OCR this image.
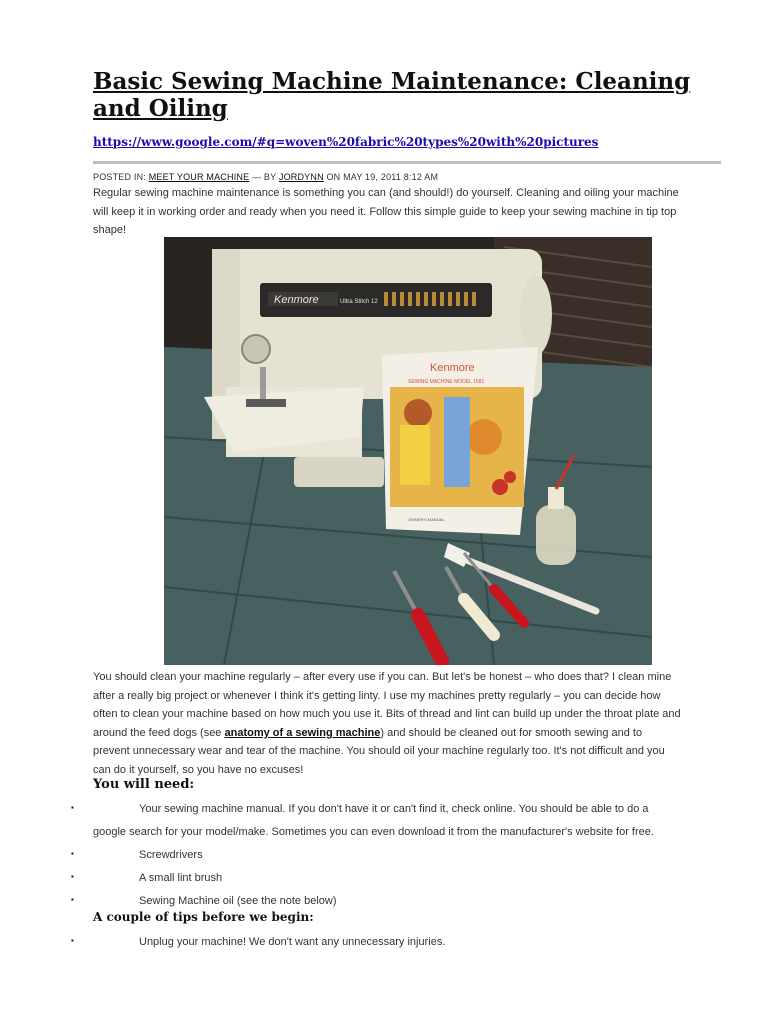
Basic Sewing Machine Maintenance: Cleaning and Oiling
https://www.google.com/#q=woven%20fabric%20types%20with%20pictures
POSTED IN: MEET YOUR MACHINE — BY JORDYNN ON MAY 19, 2011 8:12 AM

Regular sewing machine maintenance is something you can (and should!) do yourself. Cleaning and oiling your machine
will keep it in working order and ready when you need it. Follow this simple guide to keep your sewing machine in tip top
shape!

Kenmore	Ultra Stitch 12
Kenmore
SEWING MACHINE MODEL 1581
OWNER'S MANUAL

You should clean your machine regularly – after every use if you can. But let's be honest – who does that? I clean mine
after a really big project or whenever I think it's getting linty. I use my machines pretty regularly – you can decide how
often to clean your machine based on how much you use it. Bits of thread and lint can build up under the throat plate and
around the feed dogs (see anatomy of a sewing machine) and should be cleaned out for smooth sewing and to
prevent unnecessary wear and tear of the machine. You should oil your machine regularly too. It's not difficult and you
can do it yourself, so you have no excuses!

You will need:
▪	Your sewing machine manual. If you don't have it or can't find it, check online. You should be able to do a
google search for your model/make. Sometimes you can even download it from the manufacturer's website for free.
▪	Screwdrivers
▪	A small lint brush
▪	Sewing Machine oil (see the note below)
A couple of tips before we begin:
▪	Unplug your machine! We don't want any unnecessary injuries.
